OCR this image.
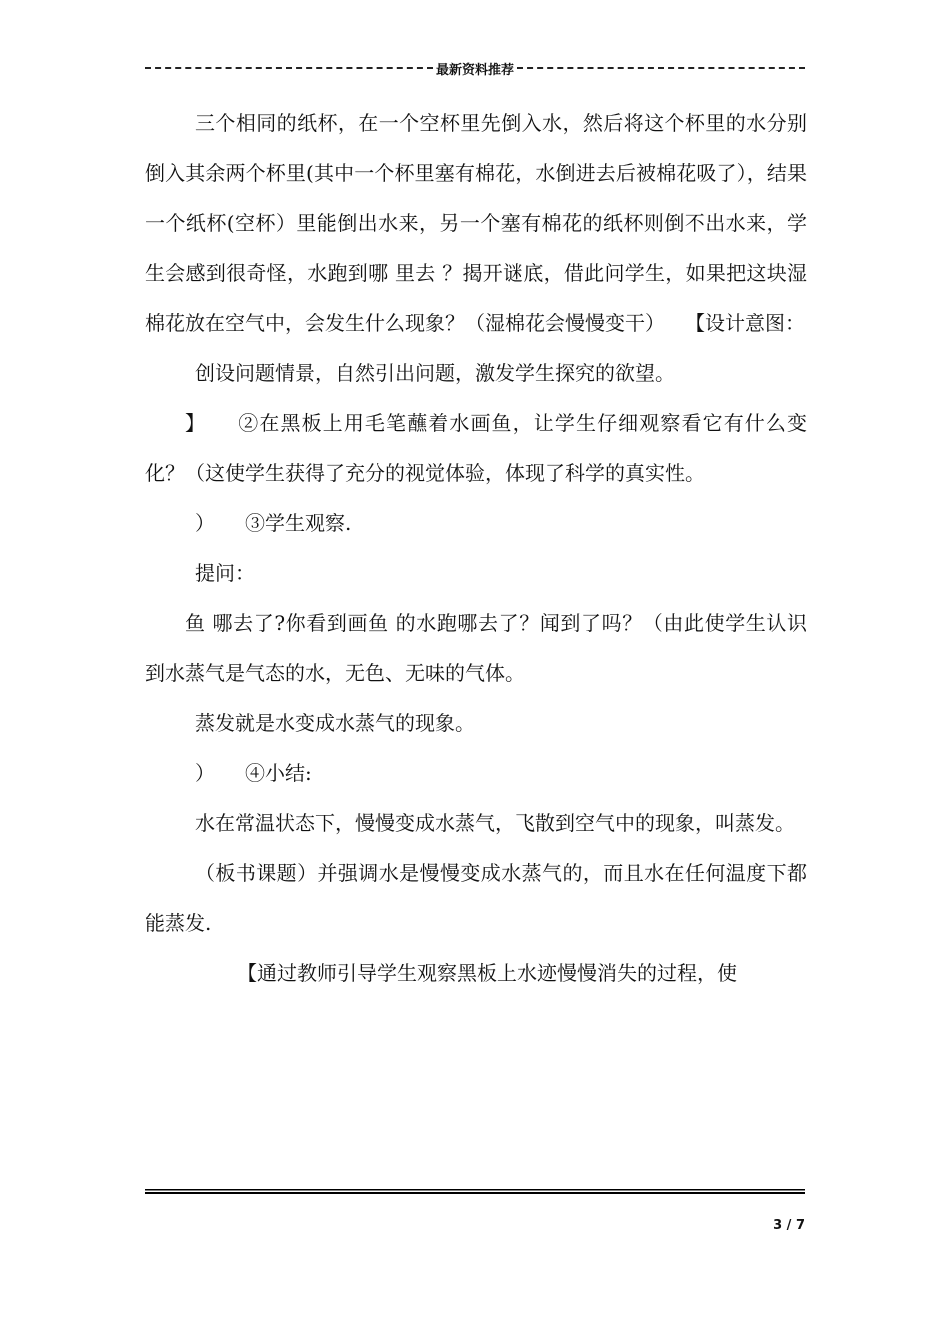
最新资料推荐

三个相同的纸杯，在一个空杯里先倒入水，然后将这个杯里的水分别倒入其余两个杯里(其中一个杯里塞有棉花，水倒进去后被棉花吸了），结果一个纸杯(空杯）里能倒出水来，另一个塞有棉花的纸杯则倒不出水来，学生会感到很奇怪，水跑到哪 里去 ？揭开谜底，借此问学生，如果把这块湿棉花放在空气中，会发生什么现象？（湿棉花会慢慢变干）　　【设计意图：

创设问题情景，自然引出问题，激发学生探究的欲望。

】　　②在黑板上用毛笔蘸着水画鱼，让学生仔细观察看它有什么变化？（这使学生获得了充分的视觉体验，体现了科学的真实性。

）　　③学生观察.

提问：

鱼 哪去了?你看到画鱼 的水跑哪去了？闻到了吗？（由此使学生认识到水蒸气是气态的水，无色、无味的气体。

蒸发就是水变成水蒸气的现象。

）　　④小结:

水在常温状态下，慢慢变成水蒸气，飞散到空气中的现象，叫蒸发。

（板书课题）并强调水是慢慢变成水蒸气的，而且水在任何温度下都能蒸发.

【通过教师引导学生观察黑板上水迹慢慢消失的过程，使

3 / 7
